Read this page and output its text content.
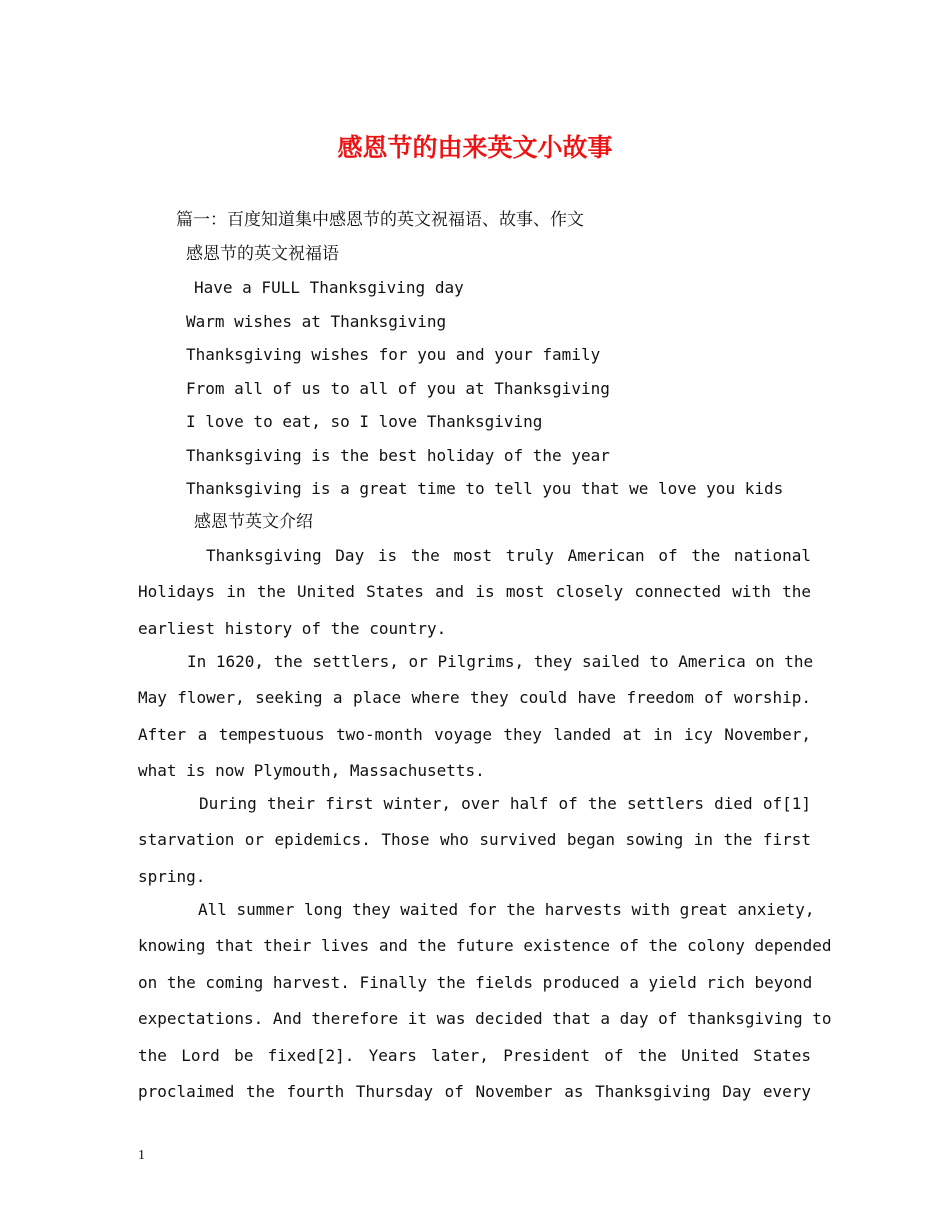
感恩节的由来英文小故事

篇一：百度知道集中感恩节的英文祝福语、故事、作文

感恩节的英文祝福语

Have a FULL Thanksgiving day

Warm wishes at Thanksgiving

Thanksgiving wishes for you and your family

From all of us to all of you at Thanksgiving

I love to eat, so I love Thanksgiving

Thanksgiving is the best holiday of the year

Thanksgiving is a great time to tell you that we love you kids

感恩节英文介绍

Thanksgiving Day is the most truly American of the national
Holidays in the United States and is most closely connected with the
earliest history of the country.
In 1620, the settlers, or Pilgrims, they sailed to America on the
May flower, seeking a place where they could have freedom of worship.
After a tempestuous two-month voyage they landed at in icy November,
what is now Plymouth, Massachusetts.
During their first winter, over half of the settlers died of[1]
starvation or epidemics. Those who survived began sowing in the first
spring.
All summer long they waited for the harvests with great anxiety,
knowing that their lives and the future existence of the colony depended
on the coming harvest. Finally the fields produced a yield rich beyond
expectations. And therefore it was decided that a day of thanksgiving to
the Lord be fixed[2]. Years later, President of the United States
proclaimed the fourth Thursday of November as Thanksgiving Day every
1
